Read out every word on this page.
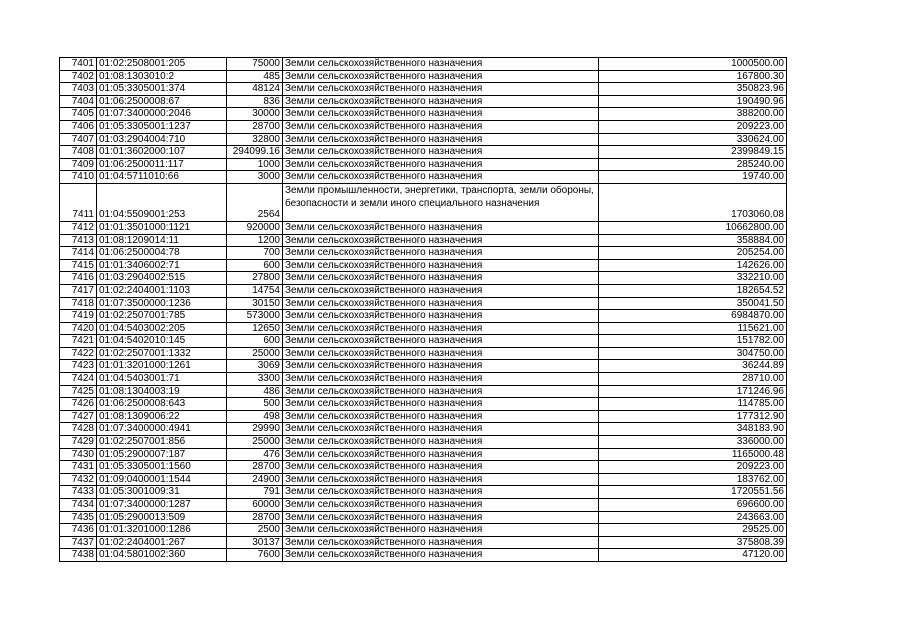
7401	01:02:2508001:205	75000	Земли сельскохозяйственного назначения	1000500.00
7402	01:08:1303010:2	485	Земли сельскохозяйственного назначения	167800.30
7403	01:05:3305001:374	48124	Земли сельскохозяйственного назначения	350823.96
7404	01:06:2500008:67	836	Земли сельскохозяйственного назначения	190490.96
7405	01:07:3400000:2046	30000	Земли сельскохозяйственного назначения	388200.00
7406	01:05:3305001:1237	28700	Земли сельскохозяйственного назначения	209223.00
7407	01:03:2904004:710	32800	Земли сельскохозяйственного назначения	330624.00
7408	01:01:3602000:107	294099.16	Земли сельскохозяйственного назначения	2399849.15
7409	01:06:2500011:117	1000	Земли сельскохозяйственного назначения	285240.00
7410	01:04:5711010:66	3000	Земли сельскохозяйственного назначения	19740.00
7411	01:04:5509001:253	2564	Земли промышленности, энергетики, транспорта, земли обороны, безопасности и земли иного специального назначения	1703060.08
7412	01:01:3501000:1121	920000	Земли сельскохозяйственного назначения	10662800.00
7413	01:08:1209014:11	1200	Земли сельскохозяйственного назначения	358884.00
7414	01:06:2500004:78	700	Земли сельскохозяйственного назначения	205254.00
7415	01:01:3406002:71	600	Земли сельскохозяйственного назначения	142626.00
7416	01:03:2904002:515	27800	Земли сельскохозяйственного назначения	332210.00
7417	01:02:2404001:1103	14754	Земли сельскохозяйственного назначения	182654.52
7418	01:07:3500000:1236	30150	Земли сельскохозяйственного назначения	350041.50
7419	01:02:2507001:785	573000	Земли сельскохозяйственного назначения	6984870.00
7420	01:04:5403002:205	12650	Земли сельскохозяйственного назначения	115621.00
7421	01:04:5402010:145	600	Земли сельскохозяйственного назначения	151782.00
7422	01:02:2507001:1332	25000	Земли сельскохозяйственного назначения	304750.00
7423	01:01:3201000:1261	3069	Земли сельскохозяйственного назначения	36244.89
7424	01:04:5403001:71	3300	Земли сельскохозяйственного назначения	28710.00
7425	01:08:1304003:19	486	Земли сельскохозяйственного назначения	171246.96
7426	01:06:2500008:643	500	Земли сельскохозяйственного назначения	114785.00
7427	01:08:1309006:22	498	Земли сельскохозяйственного назначения	177312.90
7428	01:07:3400000:4941	29990	Земли сельскохозяйственного назначения	348183.90
7429	01:02:2507001:856	25000	Земли сельскохозяйственного назначения	336000.00
7430	01:05:2900007:187	476	Земли сельскохозяйственного назначения	1165000.48
7431	01:05:3305001:1560	28700	Земли сельскохозяйственного назначения	209223.00
7432	01:09:0400001:1544	24900	Земли сельскохозяйственного назначения	183762.00
7433	01:05:3001009:31	791	Земли сельскохозяйственного назначения	1720551.56
7434	01:07:3400000:1287	60000	Земли сельскохозяйственного назначения	696600.00
7435	01:05:2900013:509	28700	Земли сельскохозяйственного назначения	243663.00
7436	01:01:3201000:1286	2500	Земли сельскохозяйственного назначения	29525.00
7437	01:02:2404001:267	30137	Земли сельскохозяйственного назначения	375808.39
7438	01:04:5801002:360	7600	Земли сельскохозяйственного назначения	47120.00
